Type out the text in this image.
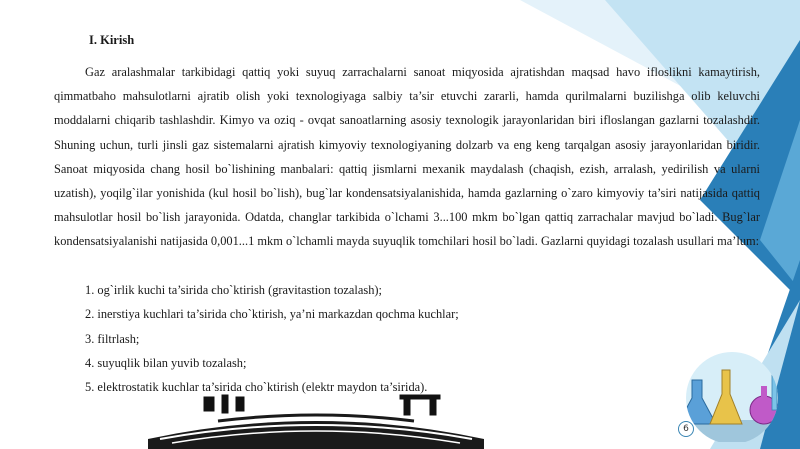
I. Kirish

Gaz aralashmalar tarkibidagi qattiq yoki suyuq zarrachalarni sanoat miqyosida ajratishdan maqsad havo ifloslikni kamaytirish, qimmatbaho mahsulotlarni ajratib olish yoki texnologiyaga salbiy ta’sir etuvchi zararli, hamda qurilmalarni buzilishga olib keluvchi moddalarni chiqarib tashlashdir. Kimyo va oziq - ovqat sanoatlarning asosiy texnologik jarayonlaridan biri ifloslangan gazlarni tozalashdir. Shuning uchun, turli jinsli gaz sistemalarni ajratish kimyoviy texnologiyaning dolzarb va eng keng tarqalgan asosiy jarayonlaridan biridir. Sanoat miqyosida chang hosil bo`lishining manbalari: qattiq jismlarni mexanik maydalash (chaqish, ezish, arralash, yedirilish va ularni uzatish), yoqilg`ilar yonishida (kul hosil bo`lish), bug`lar kondensatsiyalanishida, hamda gazlarning o`zaro kimyoviy ta’siri natijasida qattiq mahsulotlar hosil bo`lish jarayonida. Odatda, changlar tarkibida o`lchami 3...100 mkm bo`lgan qattiq zarrachalar mavjud bo`ladi. Bug`lar kondensatsiyalanishi natijasida 0,001...1 mkm o`lchamli mayda suyuqlik tomchilari hosil bo`ladi. Gazlarni quyidagi tozalash usullari ma’lum:

1. og`irlik kuchi ta’sirida cho`ktirish (gravitastion tozalash);
2. inerstiya kuchlari ta’sirida cho`ktirish, ya’ni markazdan qochma kuchlar;
3. filtrlash;
4. suyuqlik bilan yuvib tozalash;
5. elektrostatik kuchlar ta’sirida cho`ktirish (elektr maydon ta’sirida).
6
